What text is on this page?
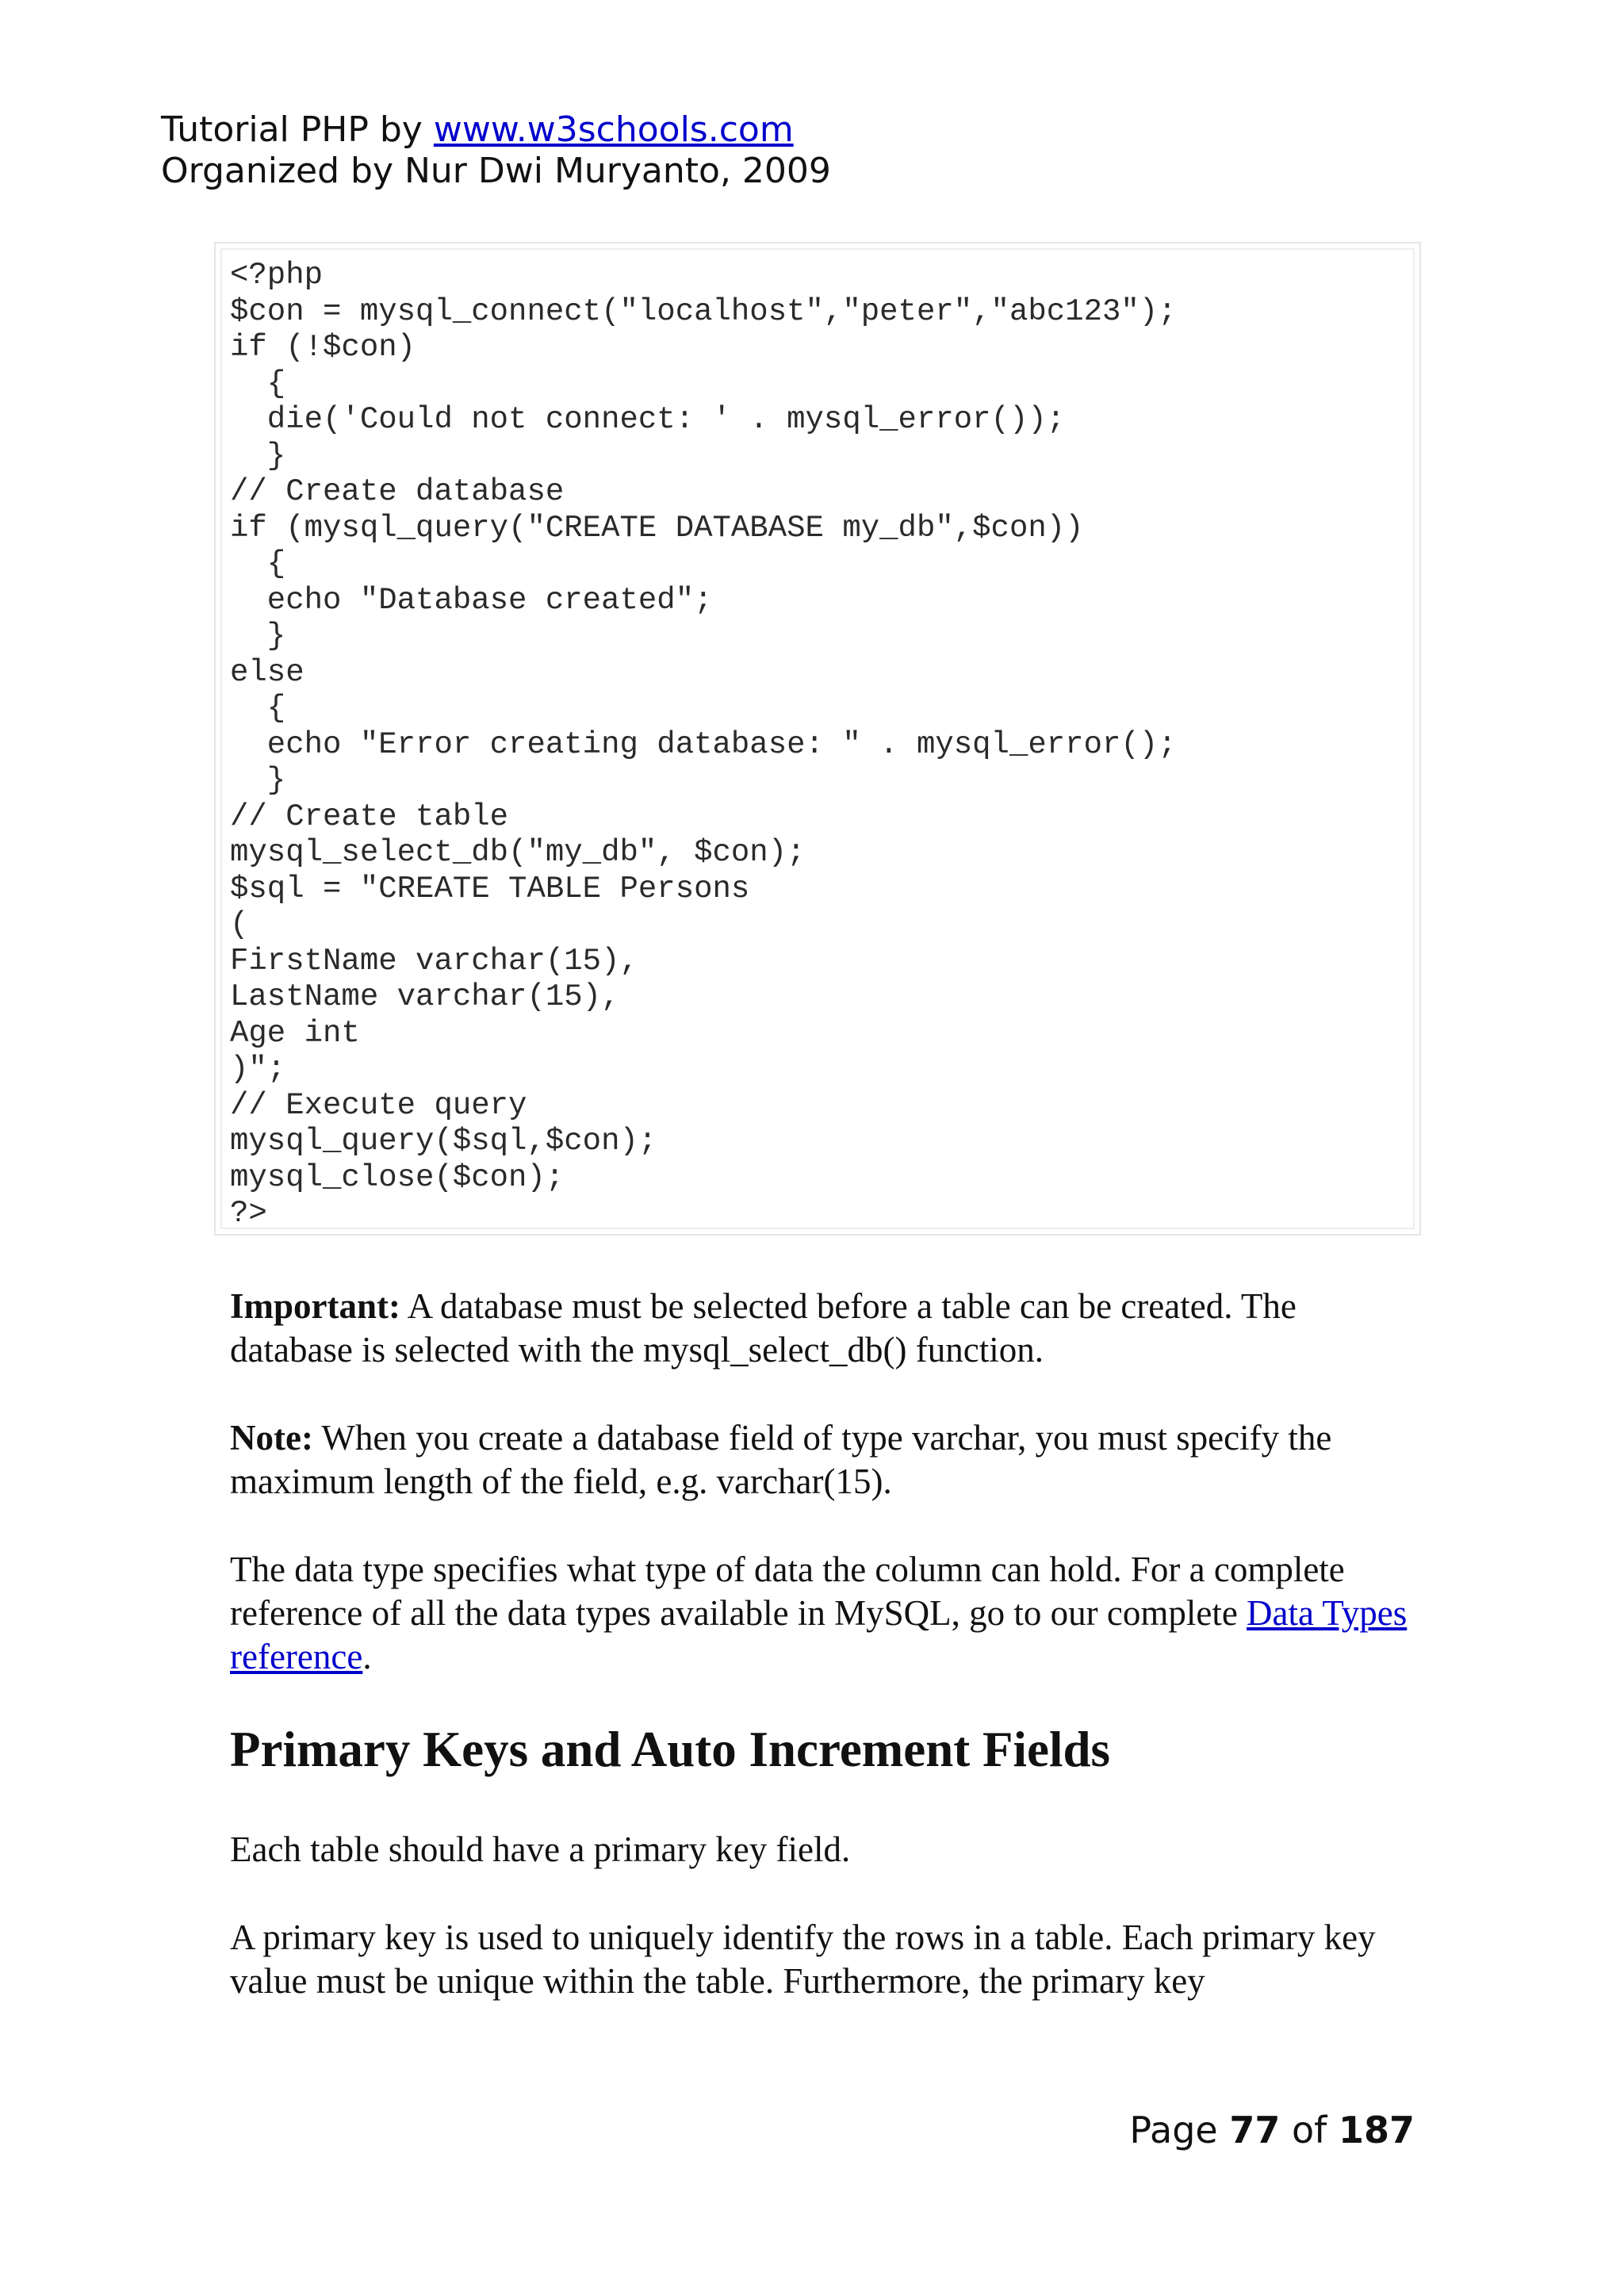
Tutorial PHP by www.w3schools.com
Organized by Nur Dwi Muryanto, 2009
<?php
$con = mysql_connect("localhost","peter","abc123");
if (!$con)
{
die('Could not connect: ' . mysql_error());
}
// Create database
if (mysql_query("CREATE DATABASE my_db",$con))
{
echo "Database created";
}
else
{
echo "Error creating database: " . mysql_error();
}
// Create table
mysql_select_db("my_db", $con);
$sql = "CREATE TABLE Persons
(
FirstName varchar(15),
LastName varchar(15),
Age int
)";
// Execute query
mysql_query($sql,$con);
mysql_close($con);
?>

Important: A database must be selected before a table can be created. The database is selected with the mysql_select_db() function.

Note: When you create a database field of type varchar, you must specify the maximum length of the field, e.g. varchar(15).

The data type specifies what type of data the column can hold. For a complete reference of all the data types available in MySQL, go to our complete Data Types reference.

Primary Keys and Auto Increment Fields

Each table should have a primary key field.

A primary key is used to uniquely identify the rows in a table. Each primary key value must be unique within the table. Furthermore, the primary key

Page 77 of 187
